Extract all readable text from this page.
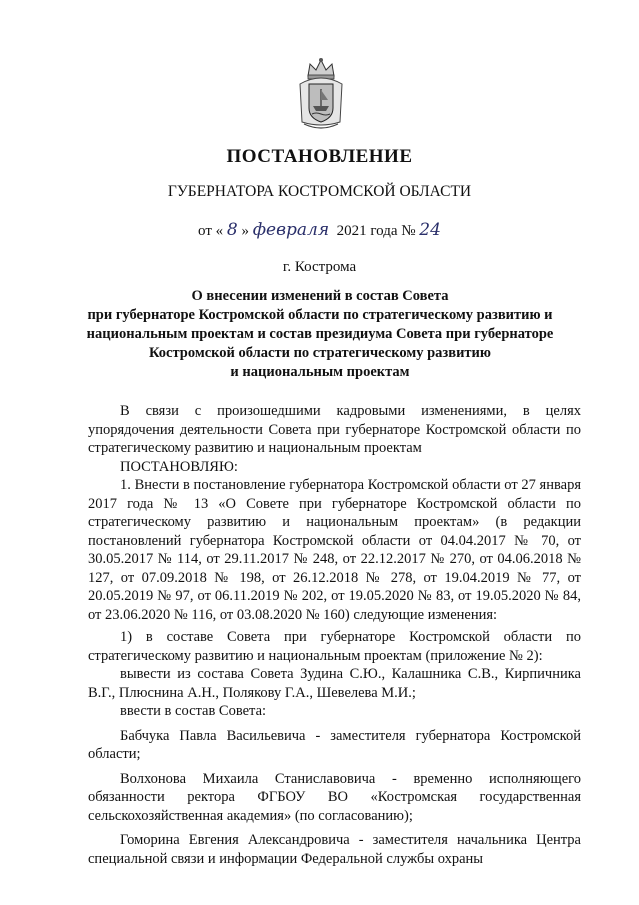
ПОСТАНОВЛЕНИЕ
ГУБЕРНАТОРА КОСТРОМСКОЙ ОБЛАСТИ
от « 8 » февраля 2021 года № 24
г. Кострома
О внесении изменений в состав Совета
при губернаторе Костромской области по стратегическому развитию и
национальным проектам и состав президиума Совета при губернаторе
Костромской области по стратегическому развитию
и национальным проектам

В связи с произошедшими кадровыми изменениями, в целях упорядочения деятельности Совета при губернаторе Костромской области по стратегическому развитию и национальным проектам

ПОСТАНОВЛЯЮ:

1. Внести в постановление губернатора Костромской области от 27 января 2017 года № 13 «О Совете при губернаторе Костромской области по стратегическому развитию и национальным проектам» (в редакции постановлений губернатора Костромской области от 04.04.2017 № 70, от 30.05.2017 № 114, от 29.11.2017 № 248, от 22.12.2017 № 270, от 04.06.2018 № 127, от 07.09.2018 № 198, от 26.12.2018 № 278, от 19.04.2019 № 77, от 20.05.2019 № 97, от 06.11.2019 № 202, от 19.05.2020 № 83, от 19.05.2020 № 84, от 23.06.2020 № 116, от 03.08.2020 № 160) следующие изменения:

1) в составе Совета при губернаторе Костромской области по стратегическому развитию и национальным проектам (приложение № 2):

вывести из состава Совета Зудина С.Ю., Калашника С.В., Кирпичника В.Г., Плюснина А.Н., Полякову Г.А., Шевелева М.И.;

ввести в состав Совета:

Бабчука Павла Васильевича - заместителя губернатора Костромской области;

Волхонова Михаила Станиславовича - временно исполняющего обязанности ректора ФГБОУ ВО «Костромская государственная сельскохозяйственная академия» (по согласованию);

Гоморина Евгения Александровича - заместителя начальника Центра специальной связи и информации Федеральной службы охраны
